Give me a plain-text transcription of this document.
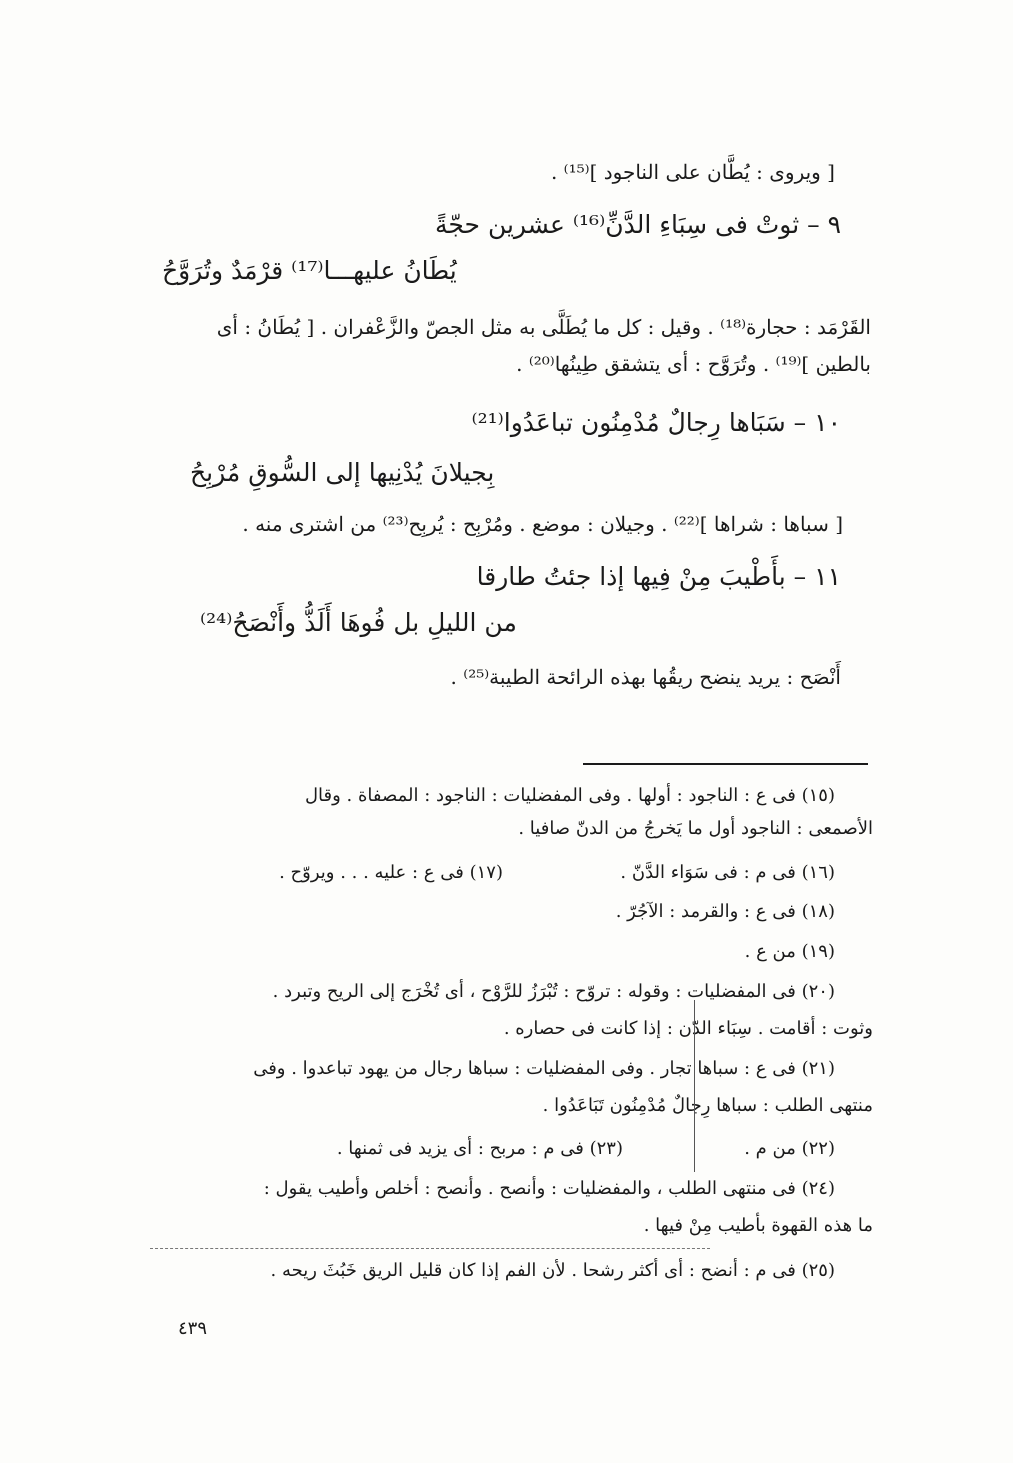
[ ويروى : يُطَّان على الناجود ]⁽¹⁵⁾ .
٩ – ثوتْ فى سِبَاءِ الدَّنِّ⁽¹⁶⁾ عشرين حجّةً
يُطَانُ عليهـــا⁽¹⁷⁾ قرْمَدٌ وتُرَوَّحُ
القَرْمَد : حجارة⁽¹⁸⁾ . وقيل : كل ما يُطَلَّى به مثل الجصّ والزَّعْفران . [ يُطَانُ : أى
بالطين ]⁽¹⁹⁾ . وتُرَوَّح : أى يتشقق طِينُها⁽²⁰⁾ .
١٠ – سَبَاها رِجالٌ مُدْمِنُون تباعَدُوا⁽²¹⁾
بِجيلانَ يُدْنِيها إلى السُّوقِ مُرْبِحُ
[ سباها : شراها ]⁽²²⁾ . وجيلان : موضع . ومُرْبِح : يُربِح⁽²³⁾ من اشترى منه .
١١ – بأَطْيبَ مِنْ فِيها إذا جئتُ طارقا
من الليلِ بل فُوهَا أَلَذُّ وأَنْصَحُ⁽²⁴⁾
أَنْصَح : يريد ينضح ريقُها بهذه الرائحة الطيبة⁽²⁵⁾ .
(١٥) فى ع : الناجود : أولها . وفى المفضليات : الناجود : المصفاة . وقال
الأصمعى : الناجود أول ما يَخرجُ من الدنّ صافيا .
(١٦) فى م : فى سَوَاء الدَّنّ .
(١٧) فى ع : عليه . . . ويروّح .
(١٨) فى ع : والقرمد : الآجُرّ .
(١٩) من ع .
(٢٠) فى المفضليات : وقوله : تروّح : تُبْرَزُ للرَّوْح ، أى تُخْرَج إلى الريح وتبرد .
وثوت : أقامت . سِبَاء الدّن : إذا كانت فى حصاره .
(٢١) فى ع : سباها تجار . وفى المفضليات : سباها رجال من يهود تباعدوا . وفى
منتهى الطلب : سباها رِجالٌ مُدْمِنُون تَبَاعَدُوا .
(٢٢) من م .
(٢٣) فى م : مربح : أى يزيد فى ثمنها .
(٢٤) فى منتهى الطلب ، والمفضليات : وأنصح . وأنصح : أخلص وأطيب يقول :
ما هذه القهوة بأطيب مِنْ فيها .
(٢٥) فى م : أنضح : أى أكثر رشحا . لأن الفم إذا كان قليل الريق خَبُثَ ريحه .
٤٣٩
